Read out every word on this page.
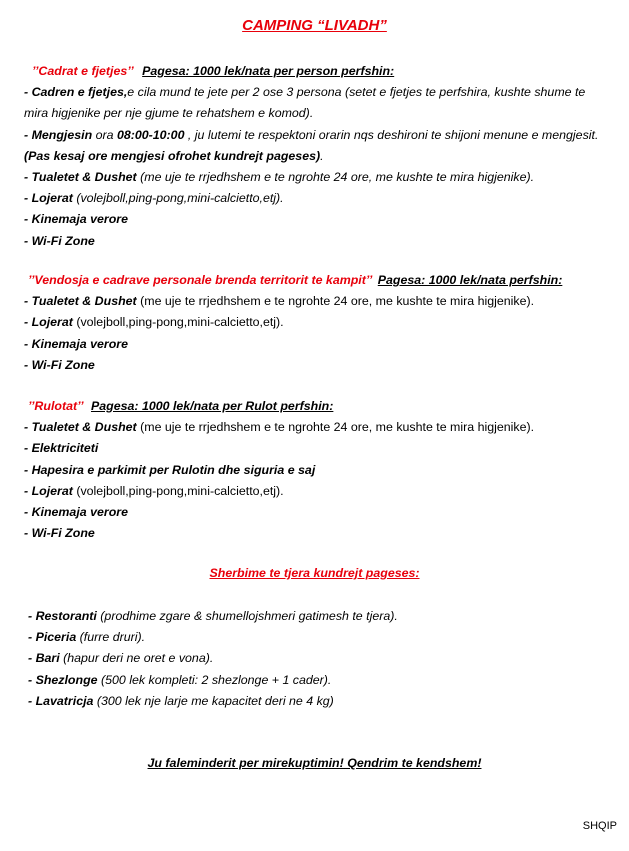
CAMPING “LIVADH”
’’Cadrat e fjetjes’’ Pagesa: 1000 lek/nata per person perfshin:
- Cadren e fjetjes,e cila mund te jete per 2 ose 3 persona (setet e fjetjes te perfshira, kushte shume te mira higjenike per nje gjume te rehatshem e komod).
- Mengjesin ora 08:00-10:00 , ju lutemi te respektoni orarin nqs deshironi te shijoni menune e mengjesit.(Pas kesaj ore mengjesi ofrohet kundrejt pageses).
- Tualetet & Dushet (me uje te rrjedhshem e te ngrohte 24 ore, me kushte te mira higjenike).
- Lojerat (volejboll,ping-pong,mini-calcietto,etj).
- Kinemaja verore
- Wi-Fi Zone
’’Vendosja e cadrave personale brenda territorit te kampit’’ Pagesa: 1000 lek/nata perfshin:
- Tualetet & Dushet (me uje te rrjedhshem e te ngrohte 24 ore, me kushte te mira higjenike).
- Lojerat (volejboll,ping-pong,mini-calcietto,etj).
- Kinemaja verore
- Wi-Fi Zone
’’Rulotat’’ Pagesa: 1000 lek/nata per Rulot perfshin:
- Tualetet & Dushet (me uje te rrjedhshem e te ngrohte 24 ore, me kushte te mira higjenike).
- Elektriciteti
- Hapesira e parkimit per Rulotin dhe siguria e saj
- Lojerat (volejboll,ping-pong,mini-calcietto,etj).
- Kinemaja verore
- Wi-Fi Zone
Sherbime te tjera kundrejt pageses:
- Restoranti (prodhime zgare & shumellojshmeri gatimesh te tjera).
- Piceria (furre druri).
- Bari (hapur deri ne oret e vona).
- Shezlonge (500 lek kompleti: 2 shezlonge + 1 cader).
- Lavatricja (300 lek nje larje me kapacitet deri ne 4 kg)
Ju faleminderit per mirekuptimin! Qendrim te kendshem!
SHQIP
